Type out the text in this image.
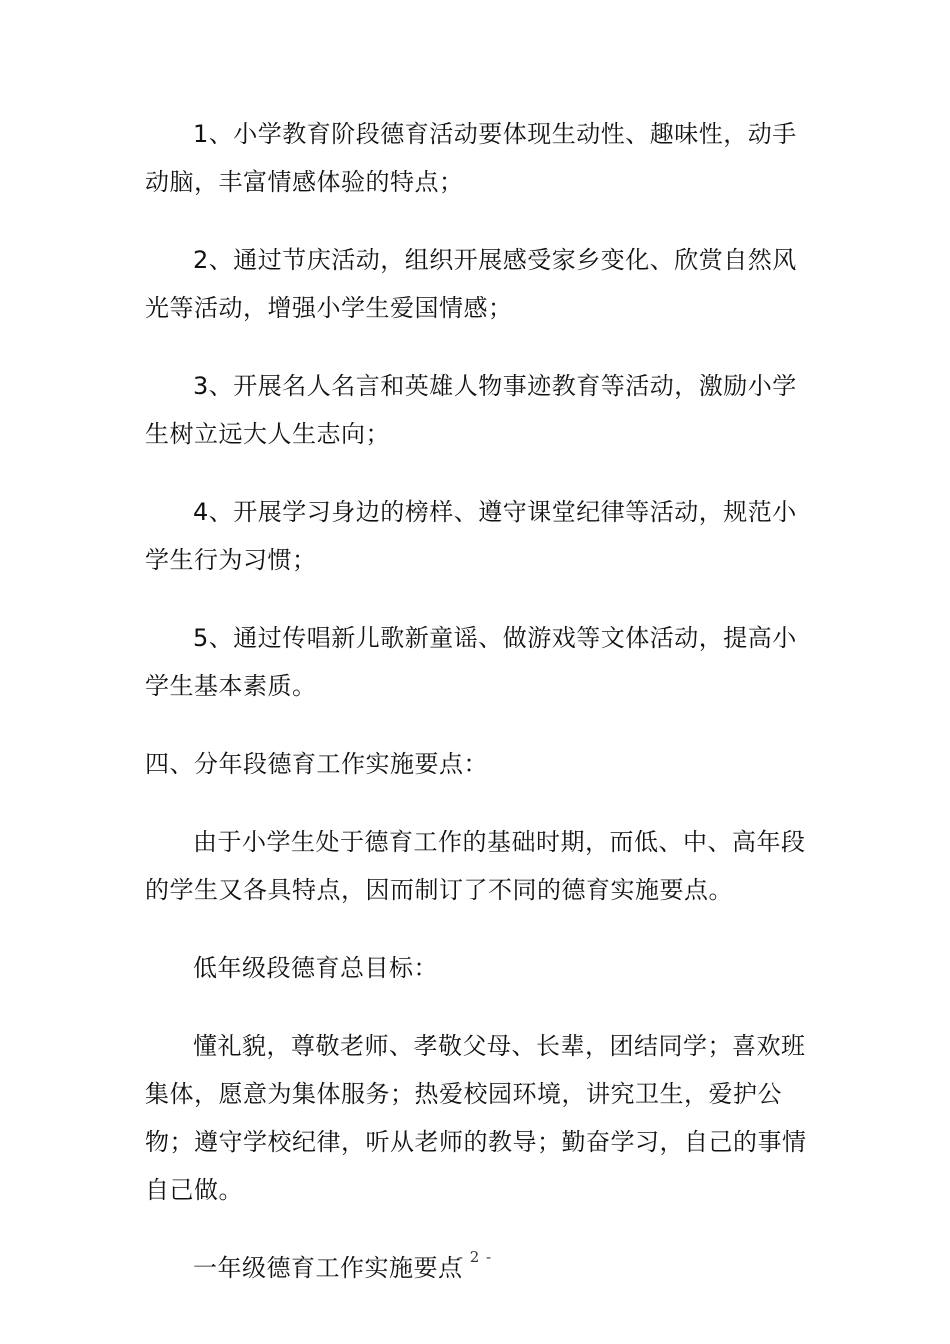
1、小学教育阶段德育活动要体现生动性、趣味性，动手动脑，丰富情感体验的特点；

2、通过节庆活动，组织开展感受家乡变化、欣赏自然风光等活动，增强小学生爱国情感；

3、开展名人名言和英雄人物事迹教育等活动，激励小学生树立远大人生志向；

4、开展学习身边的榜样、遵守课堂纪律等活动，规范小学生行为习惯；

5、通过传唱新儿歌新童谣、做游戏等文体活动，提高小学生基本素质。

四、分年段德育工作实施要点：

由于小学生处于德育工作的基础时期，而低、中、高年段的学生又各具特点，因而制订了不同的德育实施要点。

低年级段德育总目标：

懂礼貌，尊敬老师、孝敬父母、长辈，团结同学；喜欢班集体，愿意为集体服务；热爱校园环境，讲究卫生，爱护公物；遵守学校纪律，听从老师的教导；勤奋学习，自己的事情自己做。

一年级德育工作实施要点

- 2 -
